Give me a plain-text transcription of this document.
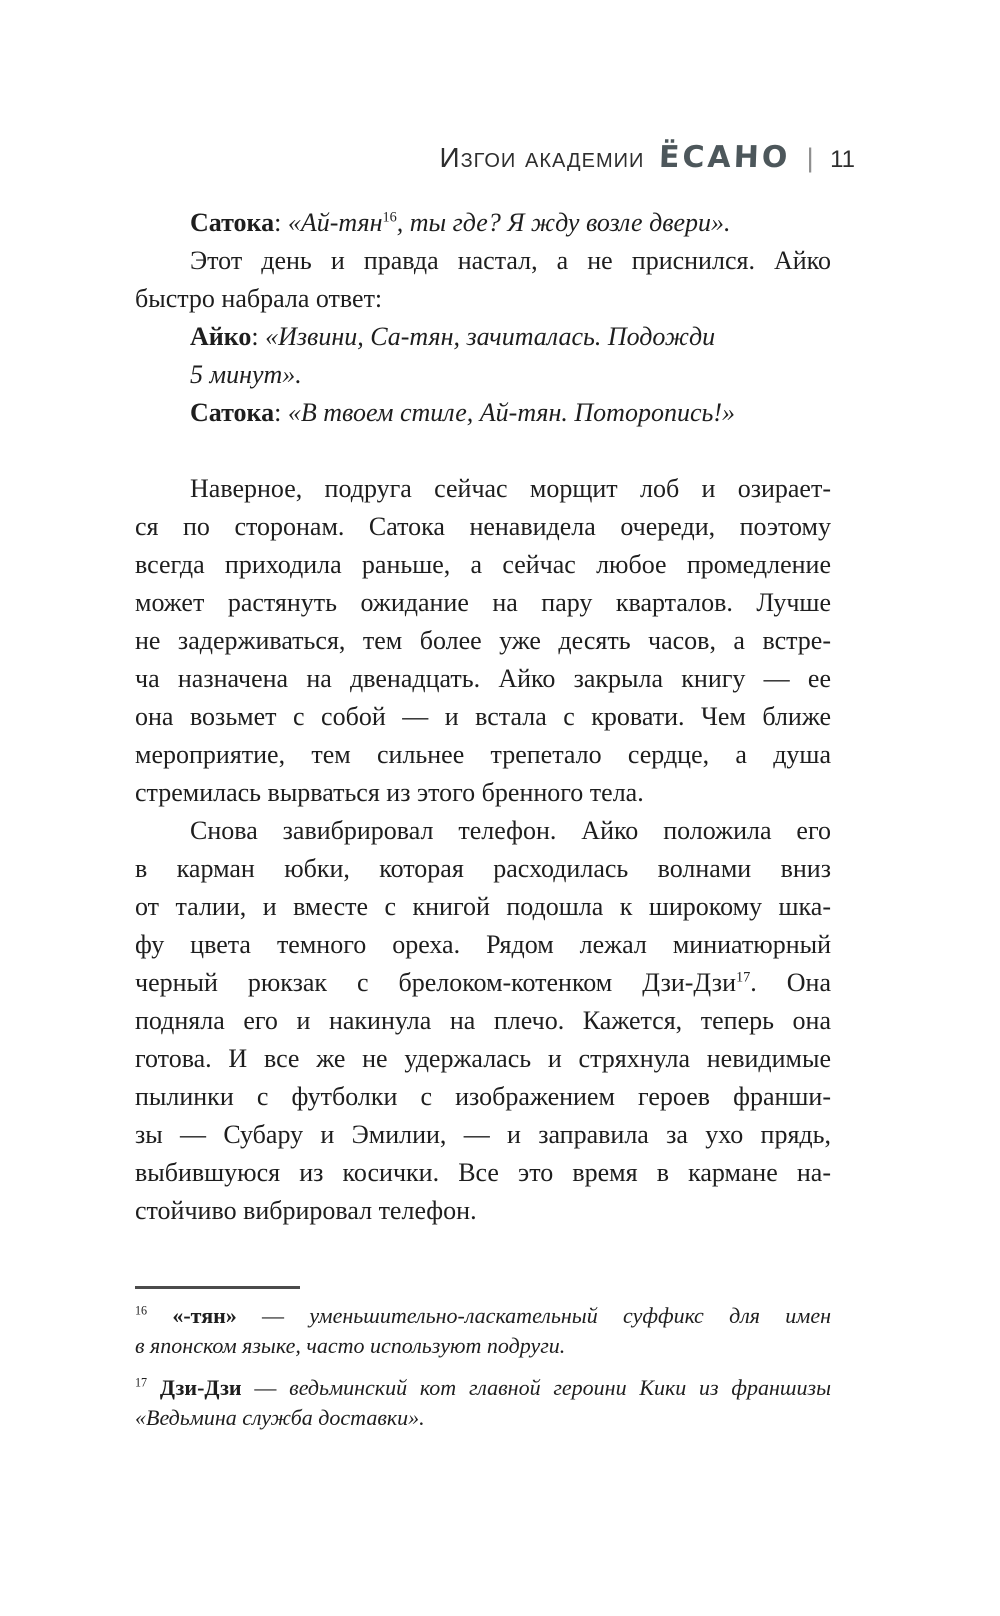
Изгои академии ЁСАНО | 11
Сатока: «Ай-тян$^{16}$, ты где? Я жду возле двери».
Этот день и правда настал, а не приснился. Айко
быстро набрала ответ:
Айко: «Извини, Са-тян, зачиталась. Подожди
5 минут».
Сатока: «В твоем стиле, Ай-тян. Поторопись!»
Наверное, подруга сейчас морщит лоб и озирает-
ся по сторонам. Сатока ненавидела очереди, поэтому
всегда приходила раньше, а сейчас любое промедление
может растянуть ожидание на пару кварталов. Лучше
не задерживаться, тем более уже десять часов, а встре-
ча назначена на двенадцать. Айко закрыла книгу — ее
она возьмет с собой — и встала с кровати. Чем ближе
мероприятие, тем сильнее трепетало сердце, а душа
стремилась вырваться из этого бренного тела.
Снова завибрировал телефон. Айко положила его
в карман юбки, которая расходилась волнами вниз
от талии, и вместе с книгой подошла к широкому шка-
фу цвета темного ореха. Рядом лежал миниатюрный
черный рюкзак с брелоком-котенком Дзи-Дзи$^{17}$. Она
подняла его и накинула на плечо. Кажется, теперь она
готова. И все же не удержалась и стряхнула невидимые
пылинки с футболки с изображением героев франши-
зы — Субару и Эмилии, — и заправила за ухо прядь,
выбившуюся из косички. Все это время в кармане на-
стойчиво вибрировал телефон.
$^{16}$ «-тян» — уменьшительно-ласкательный суффикс для имен
в японском языке, часто используют подруги.
$^{17}$ Дзи-Дзи — ведьминский кот главной героини Кики из франшизы
«Ведьмина служба доставки».
